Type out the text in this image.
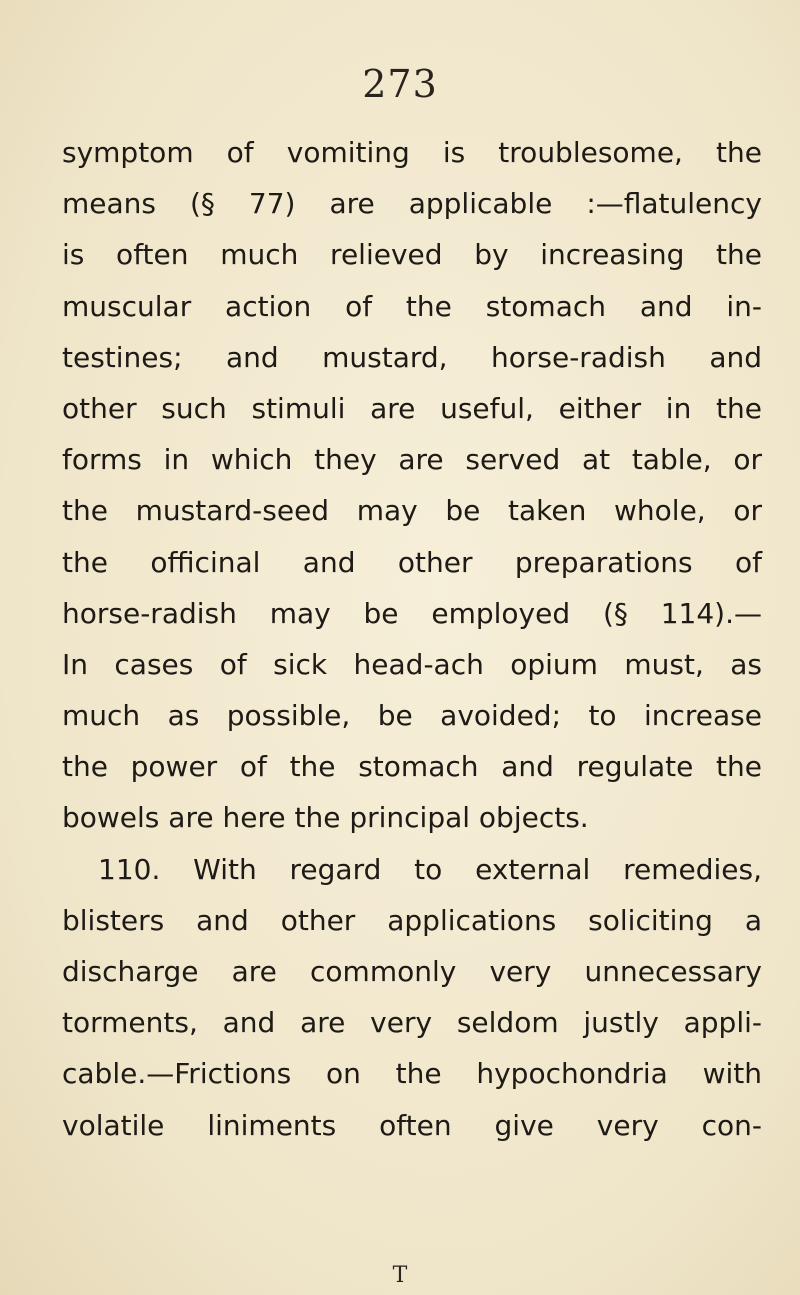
273
symptom of vomiting is troublesome, the
means (§ 77) are applicable :—flatulency
is often much relieved by increasing the
muscular action of the stomach and in-
testines; and mustard, horse-radish and
other such stimuli are useful, either in the
forms in which they are served at table, or
the mustard-seed may be taken whole, or
the officinal and other preparations of
horse-radish may be employed (§ 114).—
In cases of sick head-ach opium must, as
much as possible, be avoided; to increase
the power of the stomach and regulate the
bowels are here the principal objects.
110. With regard to external remedies,
blisters and other applications soliciting a
discharge are commonly very unnecessary
torments, and are very seldom justly appli-
cable.—Frictions on the hypochondria with
volatile liniments often give very con-
T
